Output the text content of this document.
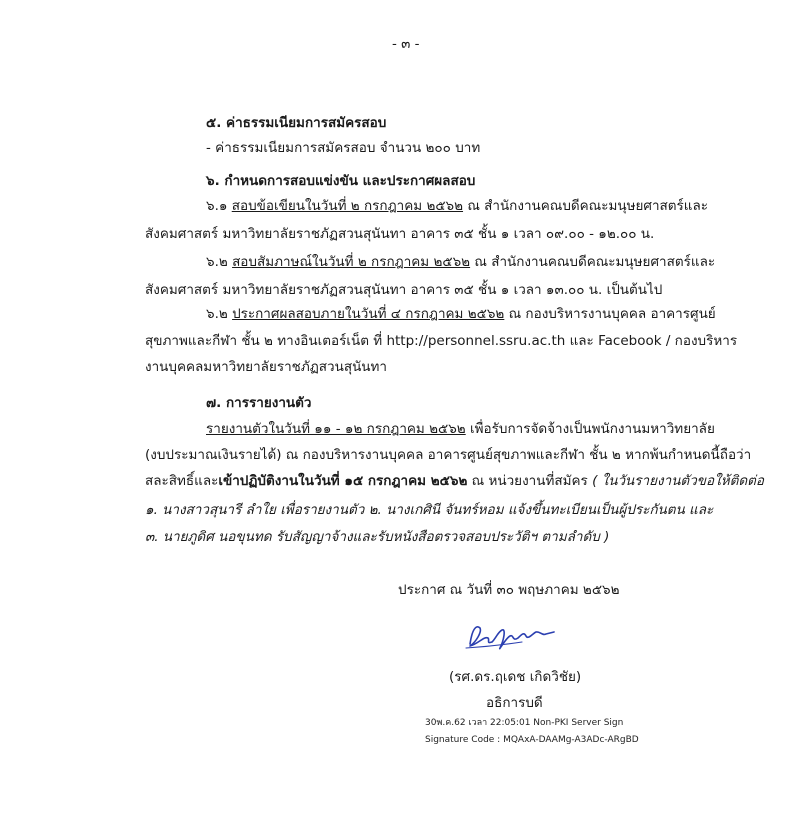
- ๓ -
๕. ค่าธรรมเนียมการสมัครสอบ
- ค่าธรรมเนียมการสมัครสอบ จำนวน ๒๐๐ บาท
๖. กำหนดการสอบแข่งขัน และประกาศผลสอบ
๖.๑ สอบข้อเขียนในวันที่ ๒ กรกฎาคม ๒๕๖๒ ณ สำนักงานคณบดีคณะมนุษยศาสตร์และ
สังคมศาสตร์ มหาวิทยาลัยราชภัฏสวนสุนันทา อาคาร ๓๕ ชั้น ๑ เวลา ๐๙.๐๐ - ๑๒.๐๐ น.
๖.๒ สอบสัมภาษณ์ในวันที่ ๒ กรกฎาคม ๒๕๖๒ ณ สำนักงานคณบดีคณะมนุษยศาสตร์และ
สังคมศาสตร์ มหาวิทยาลัยราชภัฏสวนสุนันทา อาคาร ๓๕ ชั้น ๑ เวลา ๑๓.๐๐ น. เป็นต้นไป
๖.๒ ประกาศผลสอบภายในวันที่ ๔ กรกฎาคม ๒๕๖๒ ณ กองบริหารงานบุคคล อาคารศูนย์
สุขภาพและกีฬา ชั้น ๒ ทางอินเตอร์เน็ต ที่ http://personnel.ssru.ac.th และ Facebook / กองบริหาร
งานบุคคลมหาวิทยาลัยราชภัฏสวนสุนันทา
๗. การรายงานตัว
รายงานตัวในวันที่ ๑๑ - ๑๒ กรกฎาคม ๒๕๖๒ เพื่อรับการจัดจ้างเป็นพนักงานมหาวิทยาลัย
(งบประมาณเงินรายได้) ณ กองบริหารงานบุคคล อาคารศูนย์สุขภาพและกีฬา ชั้น ๒ หากพ้นกำหนดนี้ถือว่า
สละสิทธิ์และเข้าปฏิบัติงานในวันที่ ๑๕ กรกฎาคม ๒๕๖๒ ณ หน่วยงานที่สมัคร ( ในวันรายงานตัวขอให้ติดต่อ
๑. นางสาวสุนารี ลำใย เพื่อรายงานตัว ๒. นางเกศินี จันทร์หอม แจ้งขึ้นทะเบียนเป็นผู้ประกันตน และ
๓. นายภูดิศ นอขุนทด รับสัญญาจ้างและรับหนังสือตรวจสอบประวัติฯ ตามลำดับ )
ประกาศ ณ วันที่ ๓๐ พฤษภาคม ๒๕๖๒
(รศ.ดร.ฤเดช เกิดวิชัย)
อธิการบดี
30พ.ค.62 เวลา 22:05:01 Non-PKI Server Sign
Signature Code : MQAxA-DAAMg-A3ADc-ARgBD
